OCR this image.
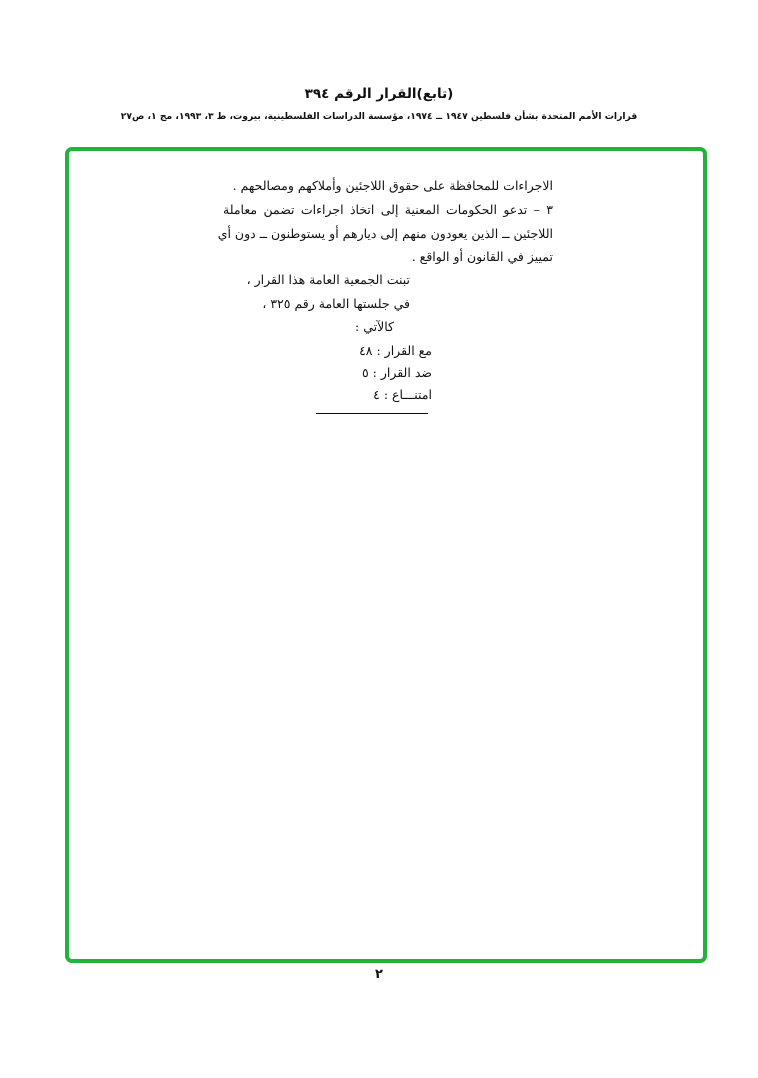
(تابع)القرار الرقم ٣٩٤
قرارات الأمم المتحدة بشأن فلسطين ١٩٤٧ ــ ١٩٧٤، مؤسسة الدراسات الفلسطينية، بيروت، ط ٣، ١٩٩٣، مج ١، ص٢٧
الاجراءات للمحافظة على حقوق اللاجئين وأملاكهم ومصالحهم .
٣ – تدعو الحكومات المعنية إلى اتخاذ اجراءات تضمن معاملة
اللاجئين ــ الذين يعودون منهم إلى ديارهم أو يستوطنون ــ دون أي
تمييز في القانون أو الواقع .
تبنت الجمعية العامة هذا القرار ،
في جلستها العامة رقم ٣٢٥ ،
كالآتي :
مع القرار : ٤٨
ضد القرار : ٥
امتنـــاع : ٤
٢
